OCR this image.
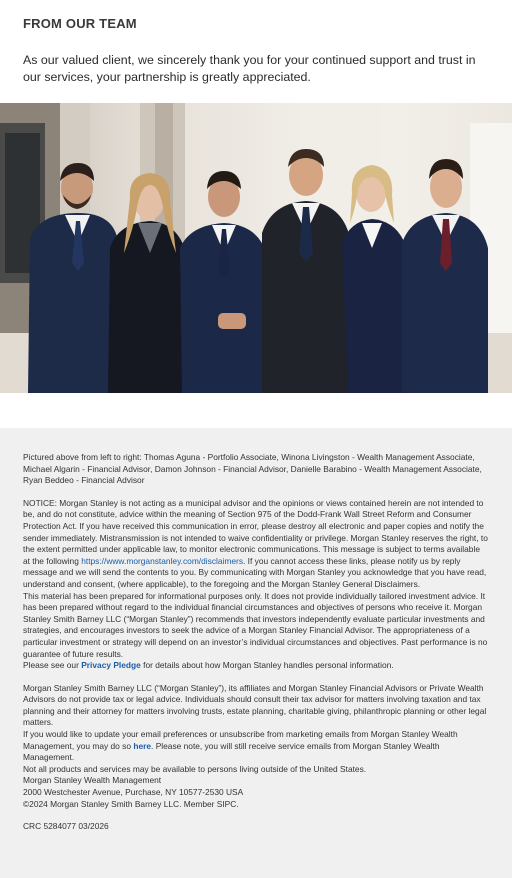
FROM OUR TEAM

As our valued client, we sincerely thank you for your continued support and trust in our services, your partnership is greatly appreciated.

Pictured above from left to right: Thomas Aguna - Portfolio Associate, Winona Livingston - Wealth Management Associate, Michael Algarin - Financial Advisor, Damon Johnson - Financial Advisor, Danielle Barabino - Wealth Management Associate, Ryan Beddeo - Financial Advisor

NOTICE: Morgan Stanley is not acting as a municipal advisor and the opinions or views contained herein are not intended to be, and do not constitute, advice within the meaning of Section 975 of the Dodd-Frank Wall Street Reform and Consumer Protection Act. If you have received this communication in error, please destroy all electronic and paper copies and notify the sender immediately. Mistransmission is not intended to waive confidentiality or privilege. Morgan Stanley reserves the right, to the extent permitted under applicable law, to monitor electronic communications. This message is subject to terms available at the following https://www.morganstanley.com/disclaimers. If you cannot access these links, please notify us by reply message and we will send the contents to you. By communicating with Morgan Stanley you acknowledge that you have read, understand and consent, (where applicable), to the foregoing and the Morgan Stanley General Disclaimers.

This material has been prepared for informational purposes only. It does not provide individually tailored investment advice. It has been prepared without regard to the individual financial circumstances and objectives of persons who receive it. Morgan Stanley Smith Barney LLC (“Morgan Stanley”) recommends that investors independently evaluate particular investments and strategies, and encourages investors to seek the advice of a Morgan Stanley Financial Advisor. The appropriateness of a particular investment or strategy will depend on an investor’s individual circumstances and objectives. Past performance is no guarantee of future results.

Please see our Privacy Pledge for details about how Morgan Stanley handles personal information.

Morgan Stanley Smith Barney LLC (“Morgan Stanley”), its affiliates and Morgan Stanley Financial Advisors or Private Wealth Advisors do not provide tax or legal advice. Individuals should consult their tax advisor for matters involving taxation and tax planning and their attorney for matters involving trusts, estate planning, charitable giving, philanthropic planning or other legal matters.

If you would like to update your email preferences or unsubscribe from marketing emails from Morgan Stanley Wealth Management, you may do so here. Please note, you will still receive service emails from Morgan Stanley Wealth Management.

Not all products and services may be available to persons living outside of the United States.

Morgan Stanley Wealth Management

2000 Westchester Avenue, Purchase, NY 10577-2530 USA

©2024 Morgan Stanley Smith Barney LLC. Member SIPC.

CRC 5284077 03/2026
